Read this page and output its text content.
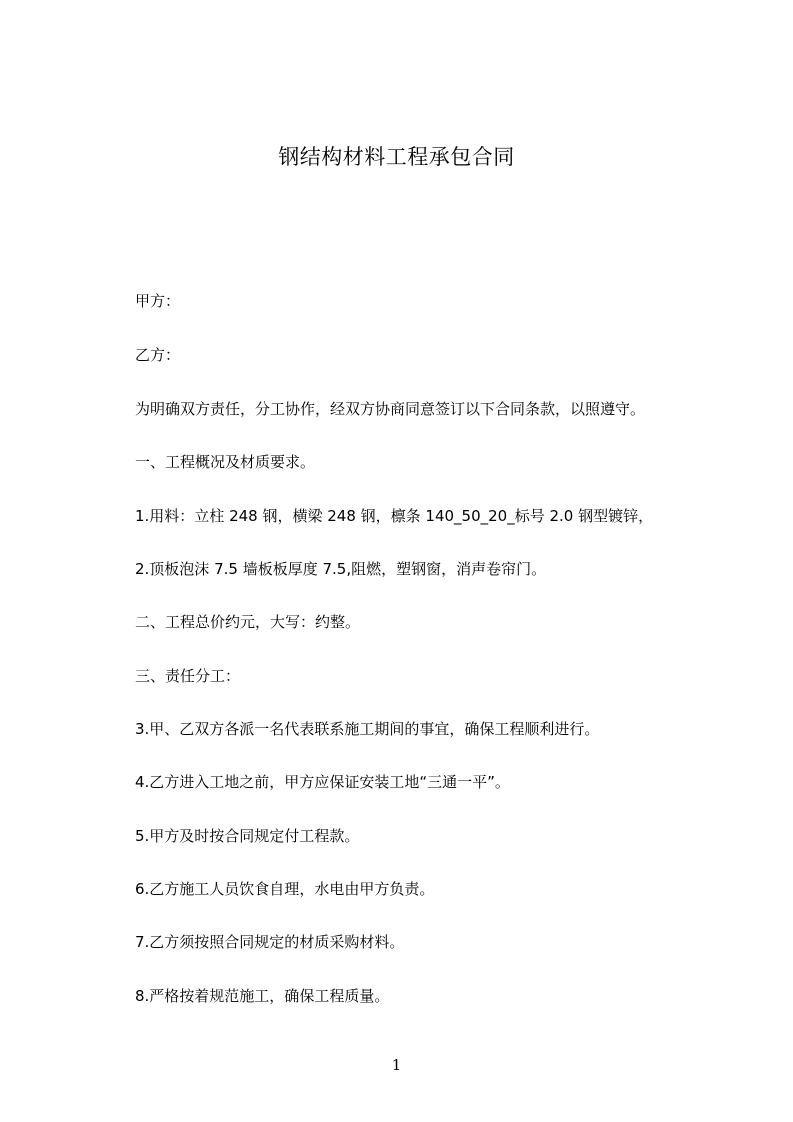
钢结构材料工程承包合同
甲方：
乙方：
为明确双方责任，分工协作，经双方协商同意签订以下合同条款，以照遵守。
一、工程概况及材质要求。
1.用料：立柱 248 钢，横梁 248 钢，檩条 140_50_20_标号 2.0 钢型镀锌，
2.顶板泡沫 7.5 墙板板厚度 7.5,阻燃，塑钢窗，消声卷帘门。
二、工程总价约元，大写：约整。
三、责任分工：
3.甲、乙双方各派一名代表联系施工期间的事宜，确保工程顺利进行。
4.乙方进入工地之前，甲方应保证安装工地“三通一平”。
5.甲方及时按合同规定付工程款。
6.乙方施工人员饮食自理，水电由甲方负责。
7.乙方须按照合同规定的材质采购材料。
8.严格按着规范施工，确保工程质量。
1
